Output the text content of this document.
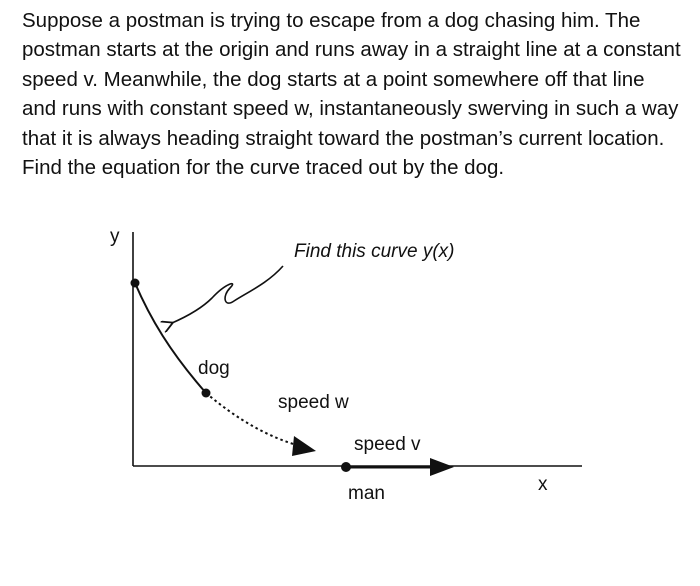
Suppose a postman is trying to escape from a dog chasing him. The postman starts at the origin and runs away in a straight line at a constant speed v. Meanwhile, the dog starts at a point somewhere off that line and runs with constant speed w, instantaneously swerving in such a way that it is always heading straight toward the postman’s current location. Find the equation for the curve traced out by the dog.

y
x
Find this curve y(x)
dog
speed w
speed v
man
